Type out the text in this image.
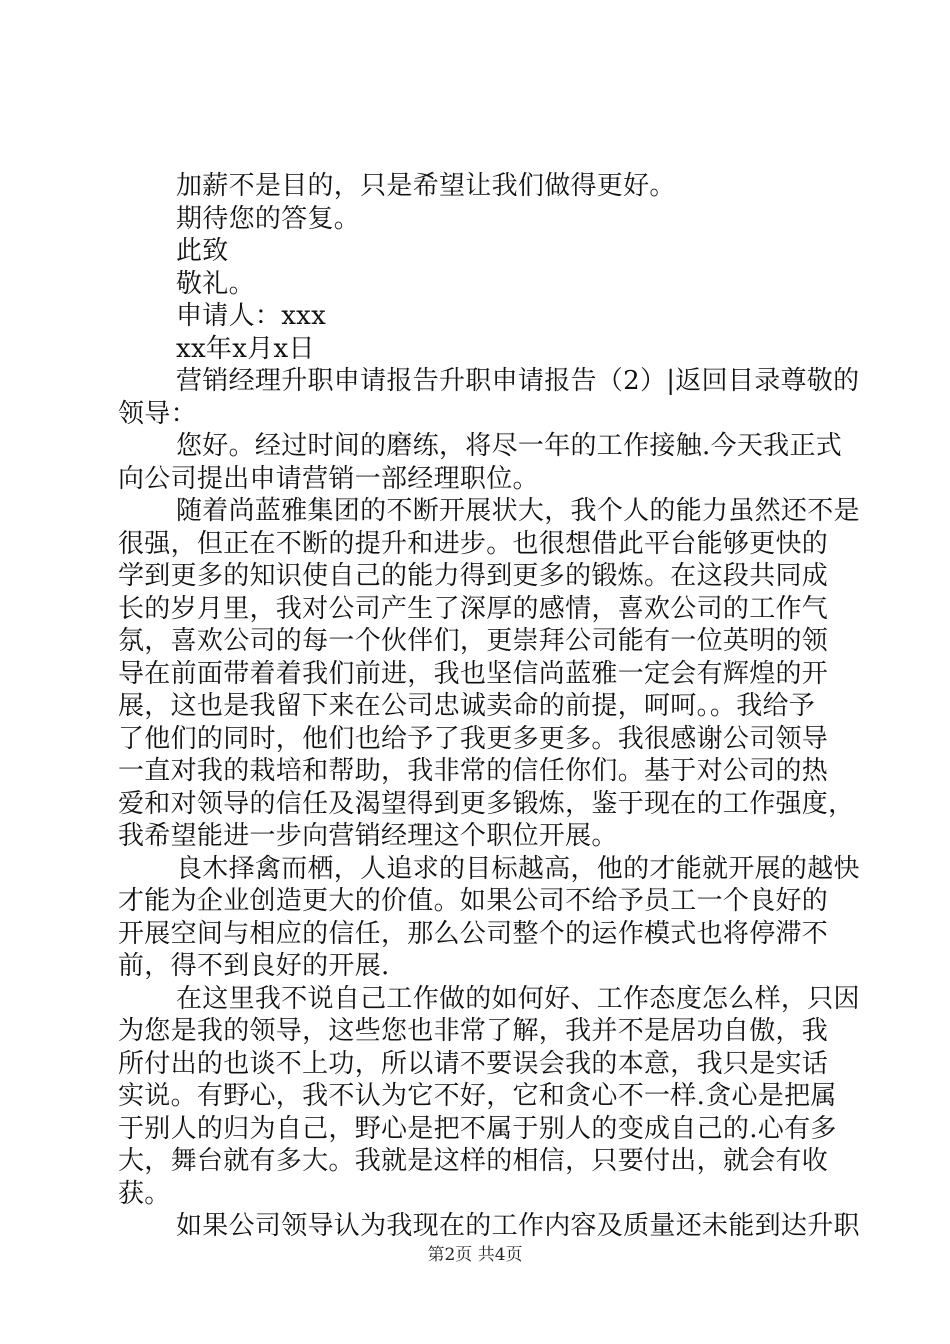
加薪不是目的，只是希望让我们做得更好。
期待您的答复。
此致
敬礼。
申请人：xxx
xx年x月x日
营销经理升职申请报告升职申请报告（2）|返回目录尊敬的
领导：
您好。经过时间的磨练，将尽一年的工作接触.今天我正式
向公司提出申请营销一部经理职位。
随着尚蓝雅集团的不断开展状大，我个人的能力虽然还不是
很强，但正在不断的提升和进步。也很想借此平台能够更快的
学到更多的知识使自己的能力得到更多的锻炼。在这段共同成
长的岁月里，我对公司产生了深厚的感情，喜欢公司的工作气
氛，喜欢公司的每一个伙伴们，更崇拜公司能有一位英明的领
导在前面带着着我们前进，我也坚信尚蓝雅一定会有辉煌的开
展，这也是我留下来在公司忠诚卖命的前提，呵呵。。我给予
了他们的同时，他们也给予了我更多更多。我很感谢公司领导
一直对我的栽培和帮助，我非常的信任你们。基于对公司的热
爱和对领导的信任及渴望得到更多锻炼，鉴于现在的工作强度，
我希望能进一步向营销经理这个职位开展。
良木择禽而栖，人追求的目标越高，他的才能就开展的越快
才能为企业创造更大的价值。如果公司不给予员工一个良好的
开展空间与相应的信任，那么公司整个的运作模式也将停滞不
前，得不到良好的开展.
在这里我不说自己工作做的如何好、工作态度怎么样，只因
为您是我的领导，这些您也非常了解，我并不是居功自傲，我
所付出的也谈不上功，所以请不要误会我的本意，我只是实话
实说。有野心，我不认为它不好，它和贪心不一样.贪心是把属
于别人的归为自己，野心是把不属于别人的变成自己的.心有多
大，舞台就有多大。我就是这样的相信，只要付出，就会有收
获。
如果公司领导认为我现在的工作内容及质量还未能到达升职
第2页 共4页
